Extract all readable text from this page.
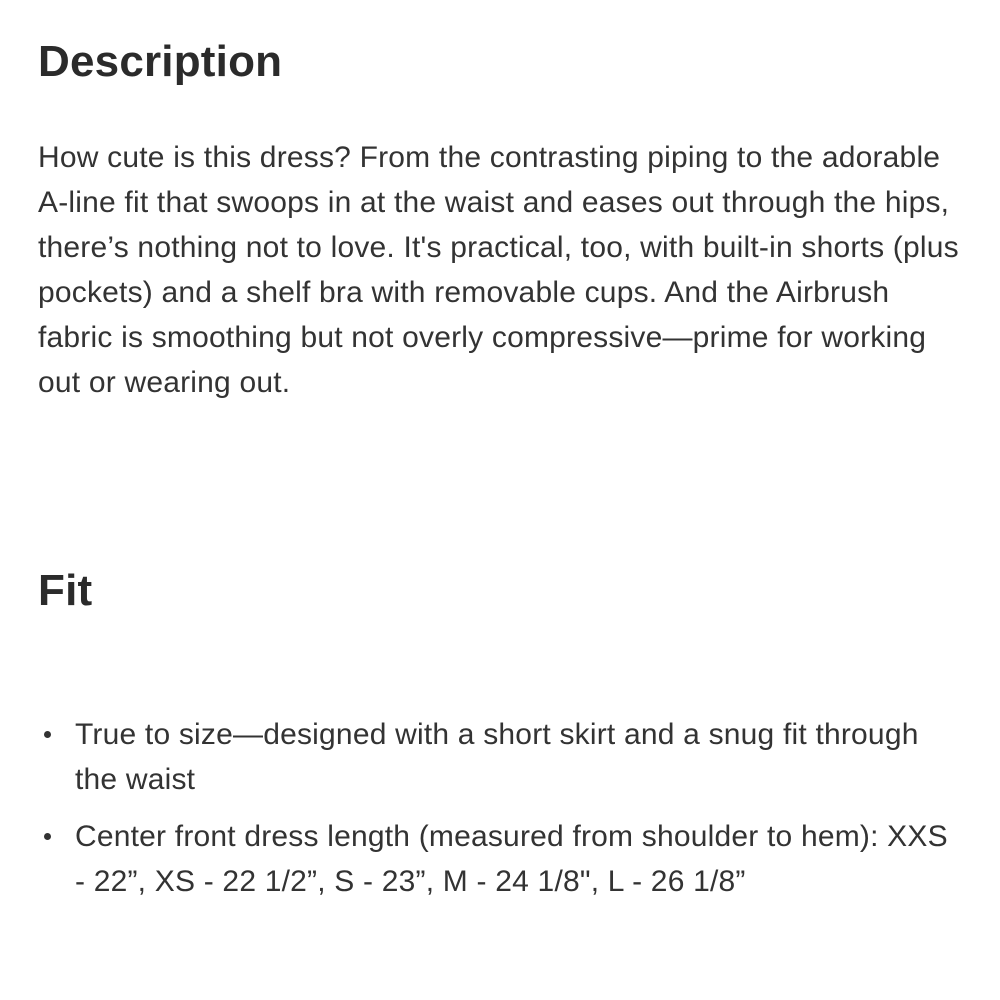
Description

How cute is this dress? From the contrasting piping to the adorable A-line fit that swoops in at the waist and eases out through the hips, there’s nothing not to love. It's practical, too, with built-in shorts (plus pockets) and a shelf bra with removable cups. And the Airbrush fabric is smoothing but not overly compressive—prime for working out or wearing out.

Fit
True to size—designed with a short skirt and a snug fit through the waist
Center front dress length (measured from shoulder to hem): XXS - 22”, XS - 22 1/2”, S - 23”, M - 24 1/8", L - 26 1/8”
